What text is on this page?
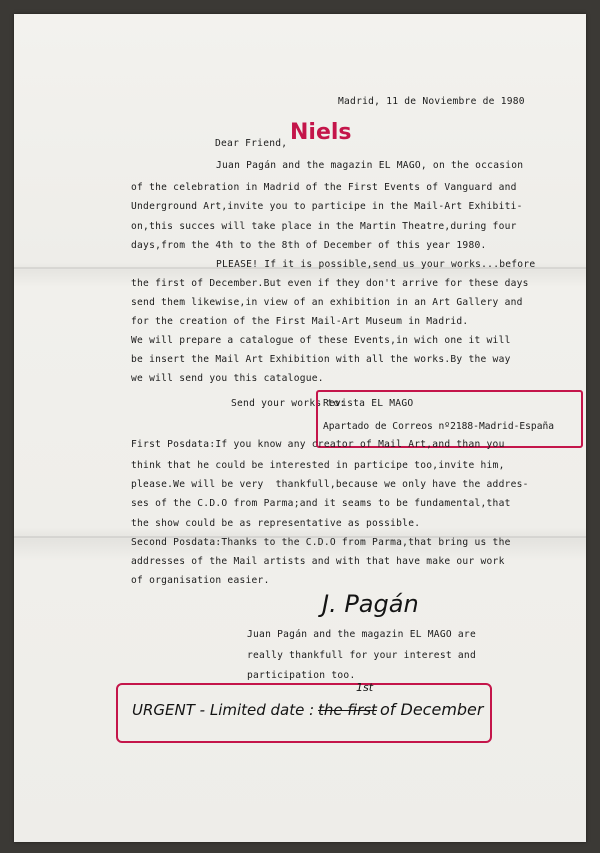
Madrid, 11 de Noviembre de 1980
Dear Friend, Niels
Juan Pagán and the magazin EL MAGO, on the occasion
of the celebration in Madrid of the First Events of Vanguard and
Underground Art,invite you to participe in the Mail-Art Exhibiti-
on,this succes will take place in the Martin Theatre,during four
days,from the 4th to the 8th of December of this year 1980.
PLEASE! If it is possible,send us your works...before
the first of December.But even if they don't arrive for these days
send them likewise,in view of an exhibition in an Art Gallery and
for the creation of the First Mail-Art Museum in Madrid.
We will prepare a catalogue of these Events,in wich one it will
be insert the Mail Art Exhibition with all the works.By the way
we will send you this catalogue.
Send your works to:
Revista EL MAGO
Apartado de Correos nº2188-Madrid-España
First Posdata:If you know any creator of Mail Art,and than you
think that he could be interested in participe too,invite him,
please.We will be very  thankfull,because we only have the addres-
ses of the C.D.O from Parma;and it seams to be fundamental,that
the show could be as representative as possible.
Second Posdata:Thanks to the C.D.O from Parma,that bring us the
addresses of the Mail artists and with that have make our work
of organisation easier.
J. Pagán
Juan Pagán and the magazin EL MAGO are
really thankfull for your interest and
participation too.
URGENT - Limited date : the first
1st
of December
